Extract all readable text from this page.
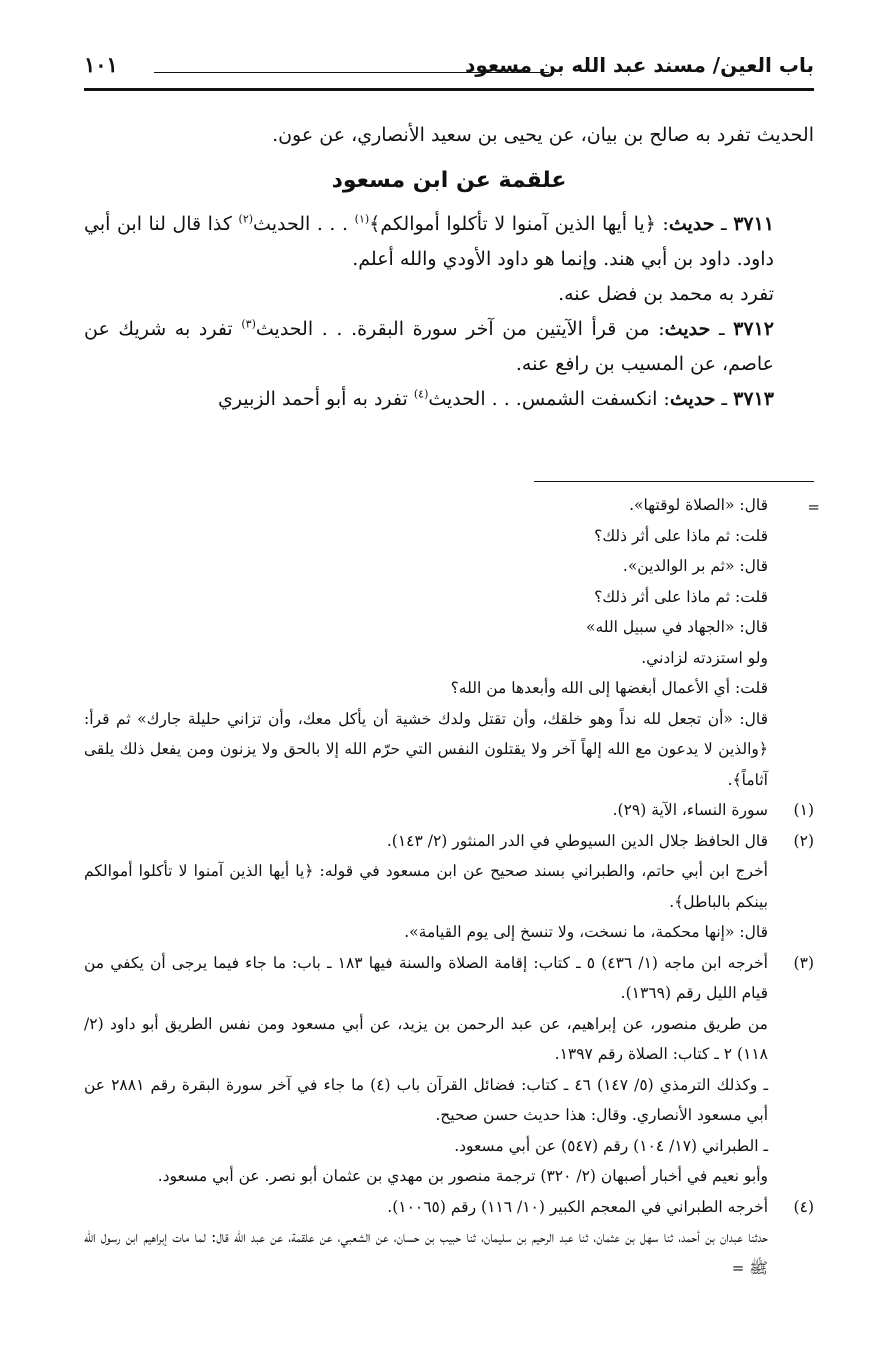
باب العين/ مسند عبد الله بن مسعود
١٠١

الحديث تفرد به صالح بن بيان، عن يحيى بن سعيد الأنصاري، عن عون.

علقمة عن ابن مسعود

٣٧١١ ـ حديث: ﴿يا أيها الذين آمنوا لا تأكلوا أموالكم﴾$^{(١)}$ . . . الحديث$^{(٢)}$ كذا قال لنا ابن أبي داود. داود بن أبي هند. وإنما هو داود الأودي والله أعلم.

تفرد به محمد بن فضل عنه.

٣٧١٢ ـ حديث: من قرأ الآيتين من آخر سورة البقرة. . . الحديث$^{(٣)}$ تفرد به شريك عن عاصم، عن المسيب بن رافع عنه.

٣٧١٣ ـ حديث: انكسفت الشمس. . . الحديث$^{(٤)}$ تفرد به أبو أحمد الزبيري

=

قال: «الصلاة لوقتها».

قلت: ثم ماذا على أثر ذلك؟

قال: «ثم بر الوالدين».

قلت: ثم ماذا على أثر ذلك؟

قال: «الجهاد في سبيل الله»

ولو استزدته لزادني.

قلت: أي الأعمال أبغضها إلى الله وأبعدها من الله؟

قال: «أن تجعل لله نداً وهو خلقك، وأن تقتل ولدك خشية أن يأكل معك، وأن تزاني حليلة جارك» ثم قرأ: ﴿والذين لا يدعون مع الله إلهاً آخر ولا يقتلون النفس التي حرّم الله إلا بالحق ولا يزنون ومن يفعل ذلك يلقى آثاماً﴾.

(١)

سورة النساء، الآية (٢٩).

(٢)

قال الحافظ جلال الدين السيوطي في الدر المنثور (٢/ ١٤٣).

أخرج ابن أبي حاتم، والطبراني بسند صحيح عن ابن مسعود في قوله: ﴿يا أيها الذين آمنوا لا تأكلوا أموالكم بينكم بالباطل﴾.

قال: «إنها محكمة، ما نسخت، ولا تنسخ إلى يوم القيامة».

(٣)

أخرجه ابن ماجه (١/ ٤٣٦) ٥ ـ كتاب: إقامة الصلاة والسنة فيها ١٨٣ ـ باب: ما جاء فيما يرجى أن يكفي من قيام الليل رقم (١٣٦٩).

من طريق منصور، عن إبراهيم، عن عبد الرحمن بن يزيد، عن أبي مسعود ومن نفس الطريق أبو داود (٢/ ١١٨) ٢ ـ كتاب: الصلاة رقم ١٣٩٧.

ـ وكذلك الترمذي (٥/ ١٤٧) ٤٦ ـ كتاب: فضائل القرآن باب (٤) ما جاء في آخر سورة البقرة رقم ٢٨٨١ عن أبي مسعود الأنصاري. وقال: هذا حديث حسن صحيح.

ـ الطبراني (١٧/ ١٠٤) رقم (٥٤٧) عن أبي مسعود.

وأبو نعيم في أخبار أصبهان (٢/ ٣٢٠) ترجمة منصور بن مهدي بن عثمان أبو نصر. عن أبي مسعود.

(٤)

أخرجه الطبراني في المعجم الكبير (١٠/ ١١٦) رقم (١٠٠٦٥).

حدثنا عبدان بن أحمد، ثنا سهل بن عثمان، ثنا عبد الرحيم بن سليمان، ثنا حبيب بن حسان، عن الشعبي، عن علقمة، عن عبد الله قال: لما مات إبراهيم ابن رسول الله ﷺ =
